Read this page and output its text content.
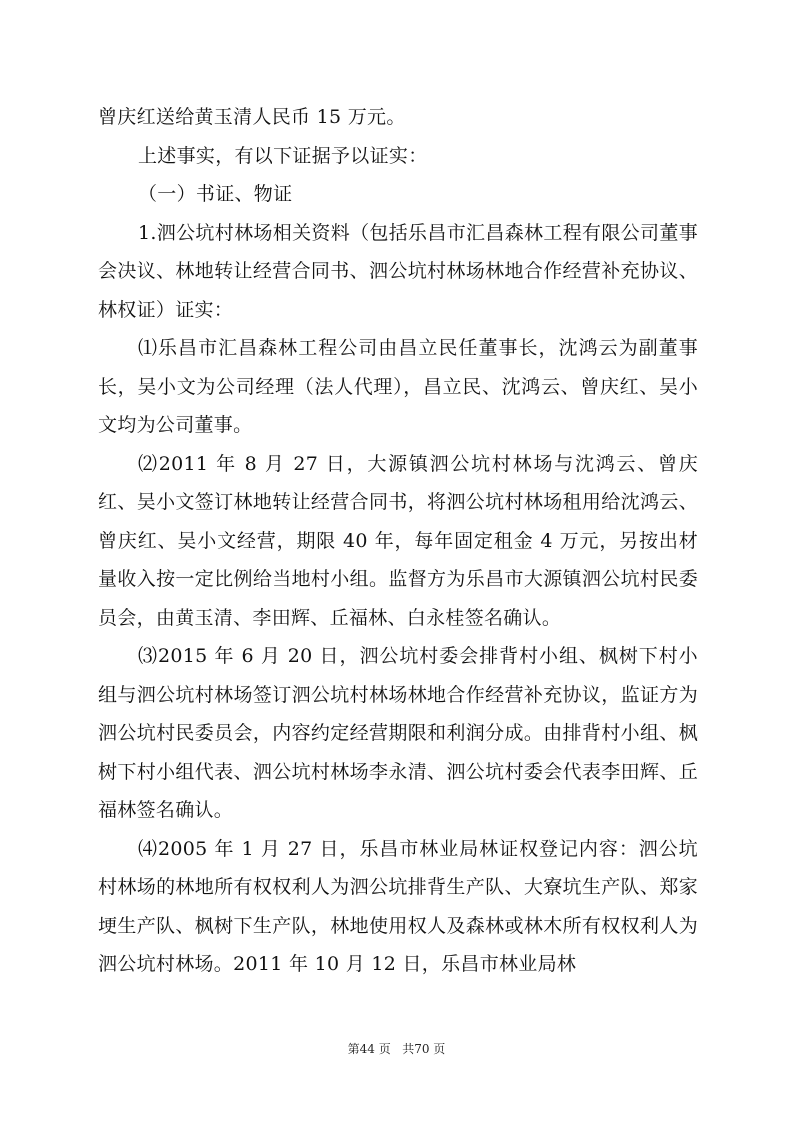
曾庆红送给黄玉清人民币 15 万元。

上述事实，有以下证据予以证实：

（一）书证、物证

1.泗公坑村林场相关资料（包括乐昌市汇昌森林工程有限公司董事会决议、林地转让经营合同书、泗公坑村林场林地合作经营补充协议、林权证）证实：

⑴乐昌市汇昌森林工程公司由昌立民任董事长，沈鸿云为副董事长，吴小文为公司经理（法人代理），昌立民、沈鸿云、曾庆红、吴小文均为公司董事。

⑵2011 年 8 月 27 日，大源镇泗公坑村林场与沈鸿云、曾庆红、吴小文签订林地转让经营合同书，将泗公坑村林场租用给沈鸿云、曾庆红、吴小文经营，期限 40 年，每年固定租金 4 万元，另按出材量收入按一定比例给当地村小组。监督方为乐昌市大源镇泗公坑村民委员会，由黄玉清、李田辉、丘福林、白永桂签名确认。

⑶2015 年 6 月 20 日，泗公坑村委会排背村小组、枫树下村小组与泗公坑村林场签订泗公坑村林场林地合作经营补充协议，监证方为泗公坑村民委员会，内容约定经营期限和利润分成。由排背村小组、枫树下村小组代表、泗公坑村林场李永清、泗公坑村委会代表李田辉、丘福林签名确认。

⑷2005 年 1 月 27 日，乐昌市林业局林证权登记内容：泗公坑村林场的林地所有权权利人为泗公坑排背生产队、大寮坑生产队、郑家埂生产队、枫树下生产队，林地使用权人及森林或林木所有权权利人为泗公坑村林场。2011 年 10 月 12 日，乐昌市林业局林

第44 页 共70 页
